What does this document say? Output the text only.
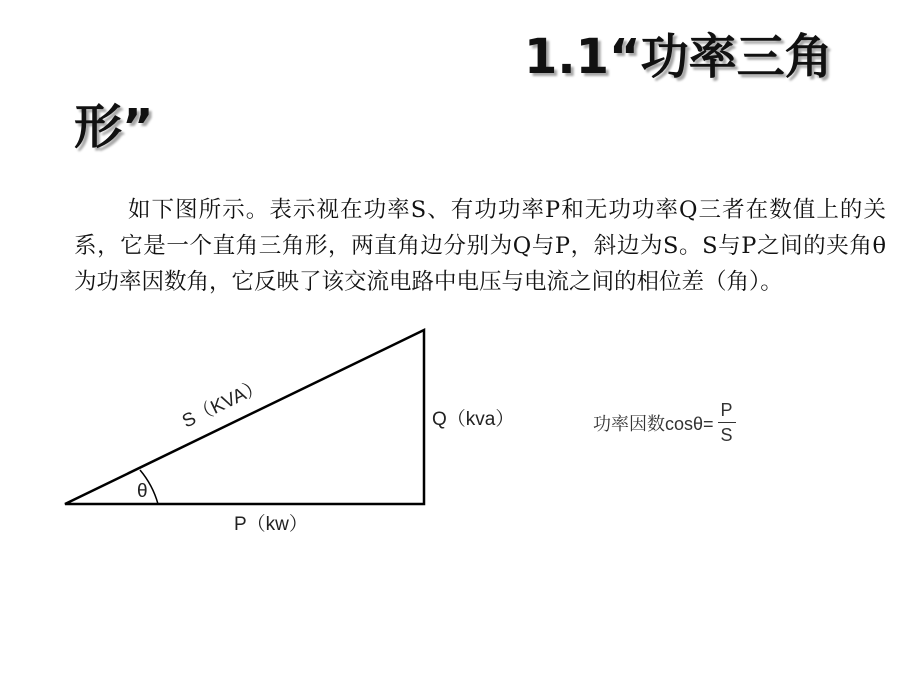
1.1“功率三角
形”
如下图所示。表示视在功率S、有功功率P和无功功率Q三者在数值上的关系，它是一个直角三角形，两直角边分别为Q与P，斜边为S。S与P之间的夹角θ为功率因数角，它反映了该交流电路中电压与电流之间的相位差（角）。
θ
S（KVA）	Q（kva）
P（kw）
功率因数$\cos\theta= \frac{P}{S}$
